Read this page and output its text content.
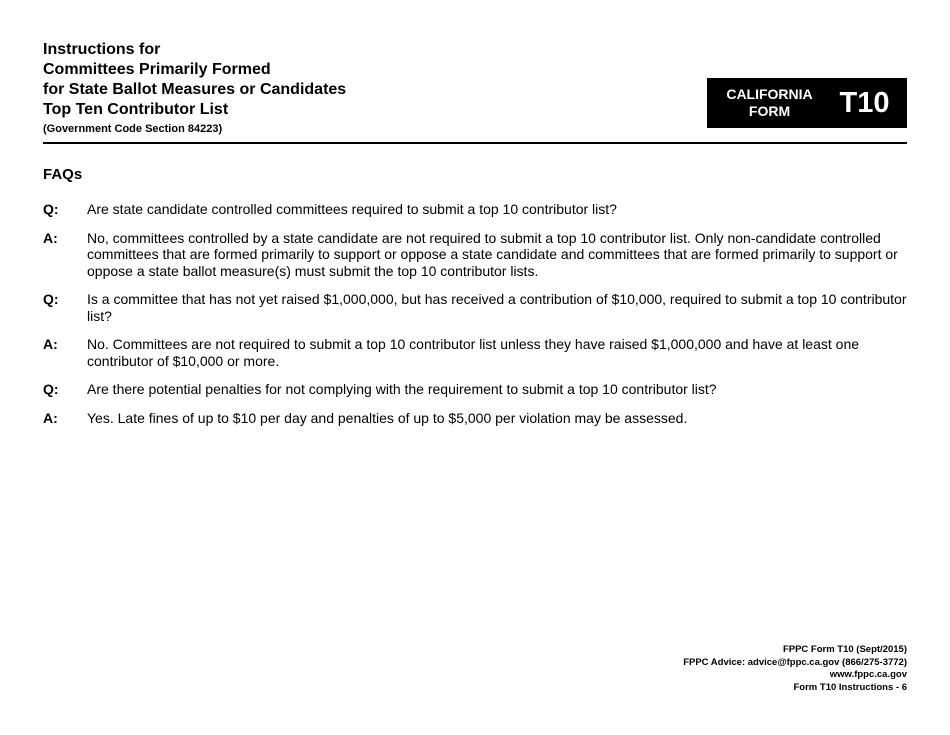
Instructions for
Committees Primarily Formed
for State Ballot Measures or Candidates
Top Ten Contributor List
(Government Code Section 84223)
CALIFORNIA
FORM	T10
FAQs
Q:	Are state candidate controlled committees required to submit a top 10 contributor list?
A:	No, committees controlled by a state candidate are not required to submit a top 10 contributor list. Only non-candidate controlled committees that are formed primarily to support or oppose a state candidate and committees that are formed primarily to support or oppose a state ballot measure(s) must submit the top 10 contributor lists.
Q:	Is a committee that has not yet raised $1,000,000, but has received a contribution of $10,000, required to submit a top 10 contributor list?
A:	No. Committees are not required to submit a top 10 contributor list unless they have raised $1,000,000 and have at least one contributor of $10,000 or more.
Q:	Are there potential penalties for not complying with the requirement to submit a top 10 contributor list?
A:	Yes. Late fines of up to $10 per day and penalties of up to $5,000 per violation may be assessed.
FPPC Form T10 (Sept/2015)
FPPC Advice: advice@fppc.ca.gov (866/275-3772)
www.fppc.ca.gov
Form T10 Instructions - 6
